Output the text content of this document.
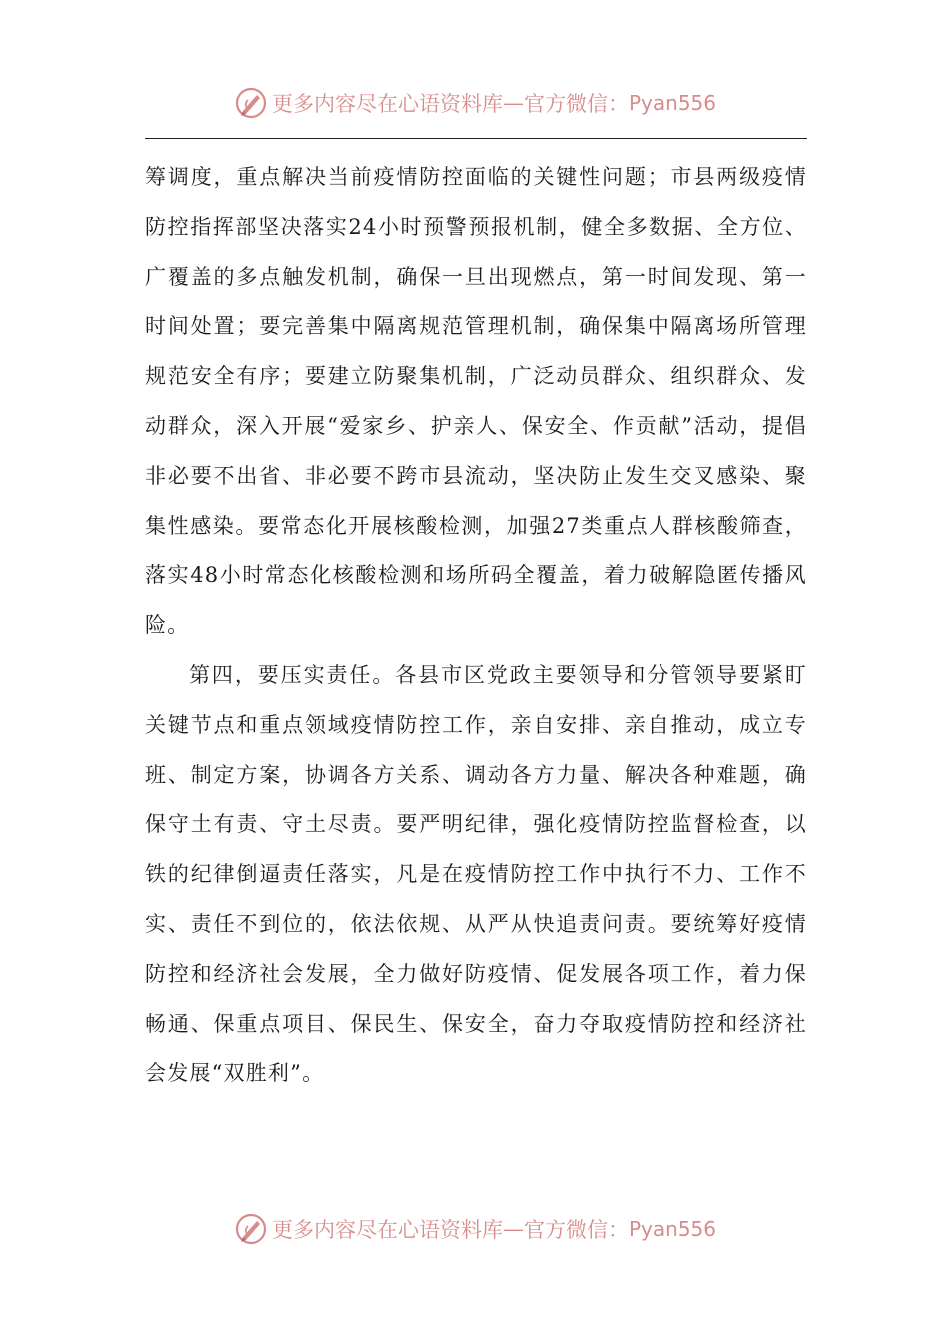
更多内容尽在心语资料库 — 官方微信： Pyan556

筹调度，重点解决当前疫情防控面临的关键性问题；市县两级疫情防控指挥部坚决落实24小时预警预报机制，健全多数据、全方位、广覆盖的多点触发机制，确保一旦出现燃点，第一时间发现、第一时间处置；要完善集中隔离规范管理机制，确保集中隔离场所管理规范安全有序；要建立防聚集机制，广泛动员群众、组织群众、发动群众，深入开展“爱家乡、护亲人、保安全、作贡献”活动，提倡非必要不出省、非必要不跨市县流动，坚决防止发生交叉感染、聚集性感染。要常态化开展核酸检测，加强27类重点人群核酸筛查，落实48小时常态化核酸检测和场所码全覆盖，着力破解隐匿传播风险。

第四，要压实责任。各县市区党政主要领导和分管领导要紧盯关键节点和重点领域疫情防控工作，亲自安排、亲自推动，成立专班、制定方案，协调各方关系、调动各方力量、解决各种难题，确保守土有责、守土尽责。要严明纪律，强化疫情防控监督检查，以铁的纪律倒逼责任落实，凡是在疫情防控工作中执行不力、工作不实、责任不到位的，依法依规、从严从快追责问责。要统筹好疫情防控和经济社会发展，全力做好防疫情、促发展各项工作，着力保畅通、保重点项目、保民生、保安全，奋力夺取疫情防控和经济社会发展“双胜利”。

更多内容尽在心语资料库 — 官方微信： Pyan556
